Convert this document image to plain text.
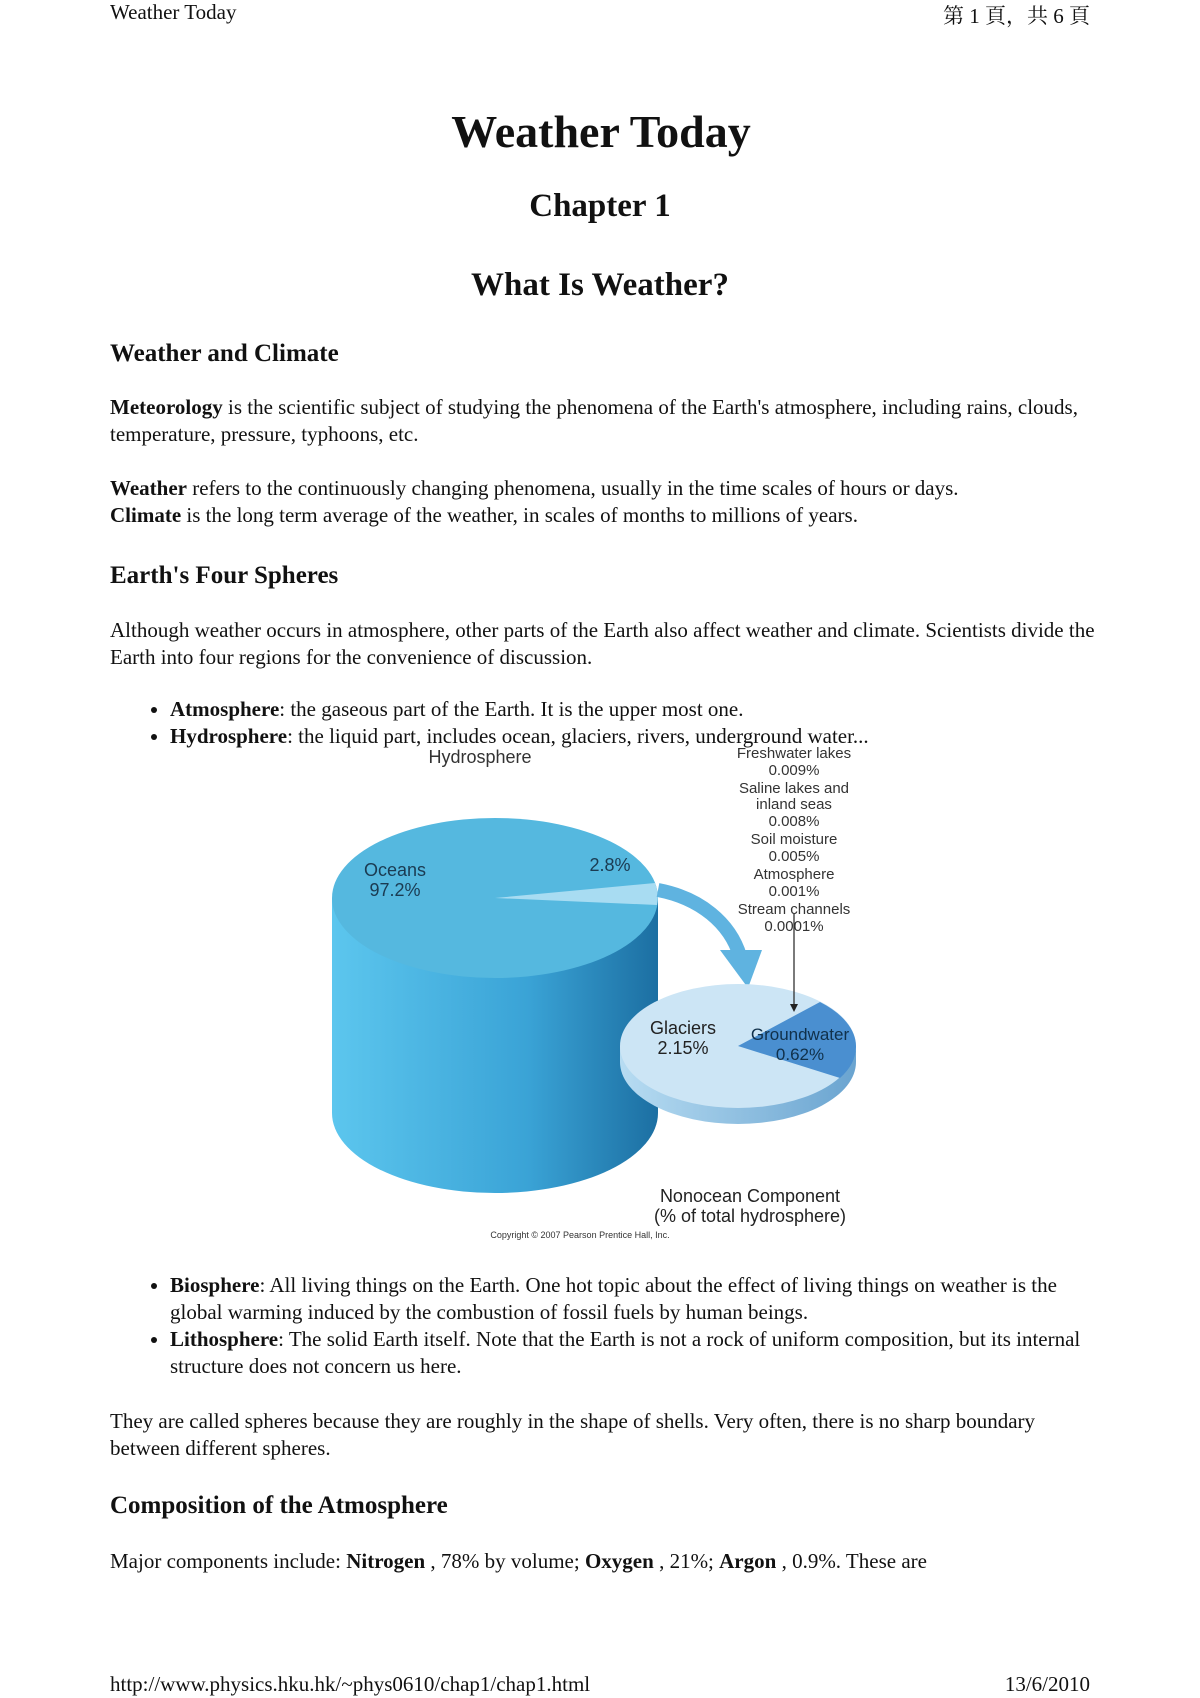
Weather Today	第 1 頁，共 6 頁
Weather Today
Chapter 1
What Is Weather?
Weather and Climate

Meteorology is the scientific subject of studying the phenomena of the Earth's atmosphere, including rains, clouds, temperature, pressure, typhoons, etc.

Weather refers to the continuously changing phenomena, usually in the time scales of hours or days.
Climate is the long term average of the weather, in scales of months to millions of years.

Earth's Four Spheres

Although weather occurs in atmosphere, other parts of the Earth also affect weather and climate. Scientists divide the Earth into four regions for the convenience of discussion.

• Atmosphere: the gaseous part of the Earth. It is the upper most one.
• Hydrosphere: the liquid part, includes ocean, glaciers, rivers, underground water...
Hydrosphere
Oceans
97.2%
2.8%
Glaciers
2.15%
Groundwater
0.62%
Freshwater lakes
0.009%
Saline lakes and
inland seas
0.008%
Soil moisture
0.005%
Atmosphere
0.001%
Stream channels
0.0001%
Nonocean Component
(% of total hydrosphere)
Copyright © 2007 Pearson Prentice Hall, Inc.
• Biosphere: All living things on the Earth. One hot topic about the effect of living things on weather is the global warming induced by the combustion of fossil fuels by human beings.
• Lithosphere: The solid Earth itself. Note that the Earth is not a rock of uniform composition, but its internal structure does not concern us here.

They are called spheres because they are roughly in the shape of shells. Very often, there is no sharp boundary between different spheres.

Composition of the Atmosphere

Major components include: Nitrogen , 78% by volume; Oxygen , 21%; Argon , 0.9%. These are

http://www.physics.hku.hk/~phys0610/chap1/chap1.html	13/6/2010
